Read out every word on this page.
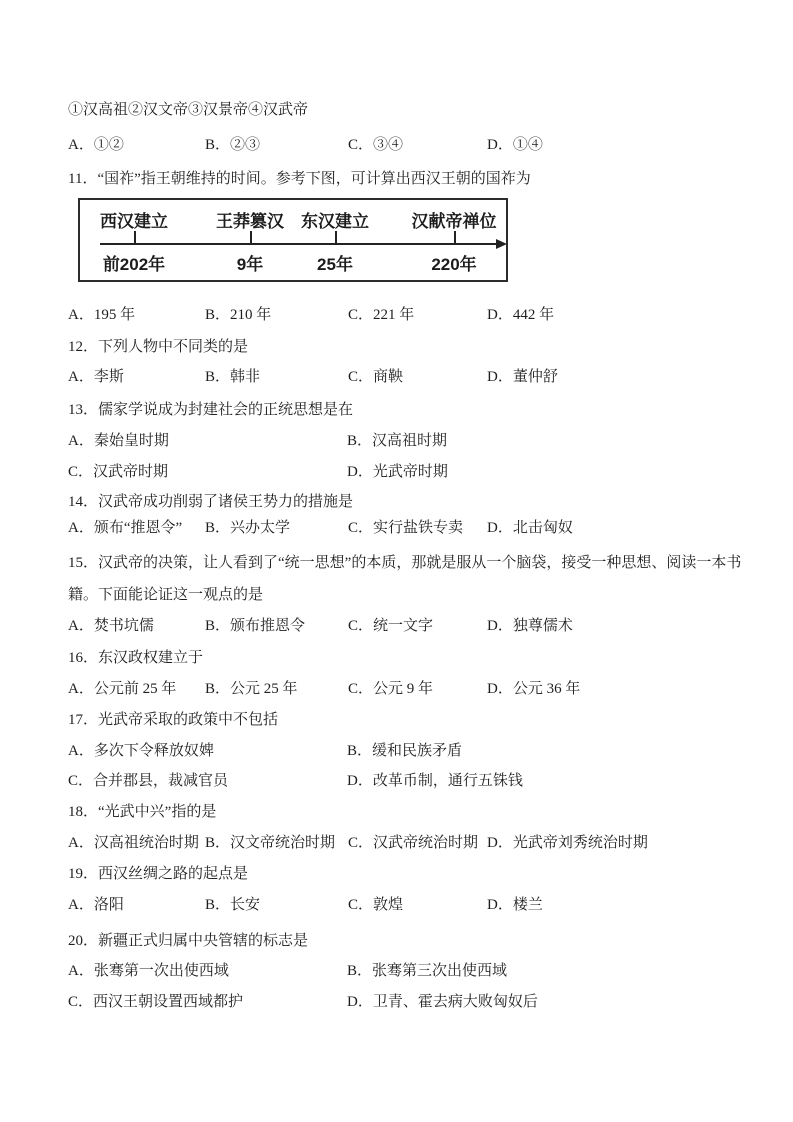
①汉高祖②汉文帝③汉景帝④汉武帝
A．①②	B．②③	C．③④	D．①④
11．“国祚”指王朝维持的时间。参考下图，可计算出西汉王朝的国祚为
西汉建立	王莽篡汉 东汉建立	汉献帝禅位
前202年	9年	25年	220年
A．195 年	B．210 年	C．221 年	D．442 年
12．下列人物中不同类的是
A．李斯	B．韩非	C．商鞅	D．董仲舒
13．儒家学说成为封建社会的正统思想是在
A．秦始皇时期	B．汉高祖时期
C．汉武帝时期	D．光武帝时期
14．汉武帝成功削弱了诸侯王势力的措施是
A．颁布“推恩令” B．兴办太学	C．实行盐铁专卖 D．北击匈奴
15．汉武帝的决策，让人看到了“统一思想”的本质，那就是服从一个脑袋，接受一种思想、阅读一本书
籍。下面能论证这一观点的是
A．焚书坑儒	B．颁布推恩令	C．统一文字	D．独尊儒术
16．东汉政权建立于
A．公元前 25 年 B．公元 25 年	C．公元 9 年	D．公元 36 年
17．光武帝采取的政策中不包括
A．多次下令释放奴婢	B．缓和民族矛盾
C．合并郡县，裁减官员	D．改革币制，通行五铢钱
18．“光武中兴”指的是
A．汉高祖统治时期 B．汉文帝统治时期 C．汉武帝统治时期 D．光武帝刘秀统治时期
19．西汉丝绸之路的起点是
A．洛阳	B．长安	C．敦煌	D．楼兰
20．新疆正式归属中央管辖的标志是
A．张骞第一次出使西域	B．张骞第三次出使西域
C．西汉王朝设置西域都护	D．卫青、霍去病大败匈奴后
